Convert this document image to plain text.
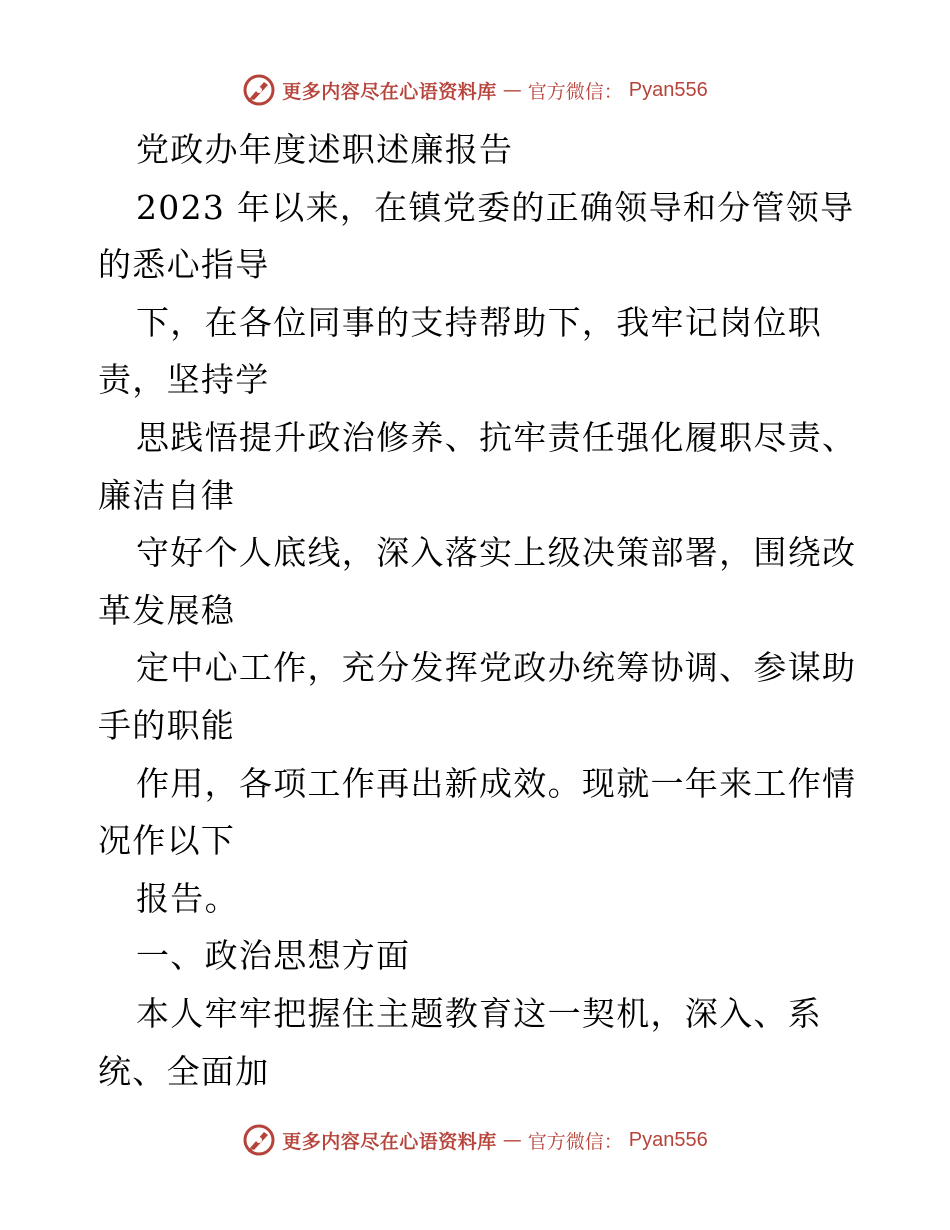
更多内容尽在心语资料库 — 官方微信： Pyan556
党政办年度述职述廉报告
2023 年以来，在镇党委的正确领导和分管领导
的悉心指导
下，在各位同事的支持帮助下，我牢记岗位职
责，坚持学
思践悟提升政治修养、抗牢责任强化履职尽责、
廉洁自律
守好个人底线，深入落实上级决策部署，围绕改
革发展稳
定中心工作，充分发挥党政办统筹协调、参谋助
手的职能
作用，各项工作再出新成效。现就一年来工作情
况作以下
报告。
一、政治思想方面
本人牢牢把握住主题教育这一契机，深入、系
统、全面加
更多内容尽在心语资料库 — 官方微信： Pyan556
